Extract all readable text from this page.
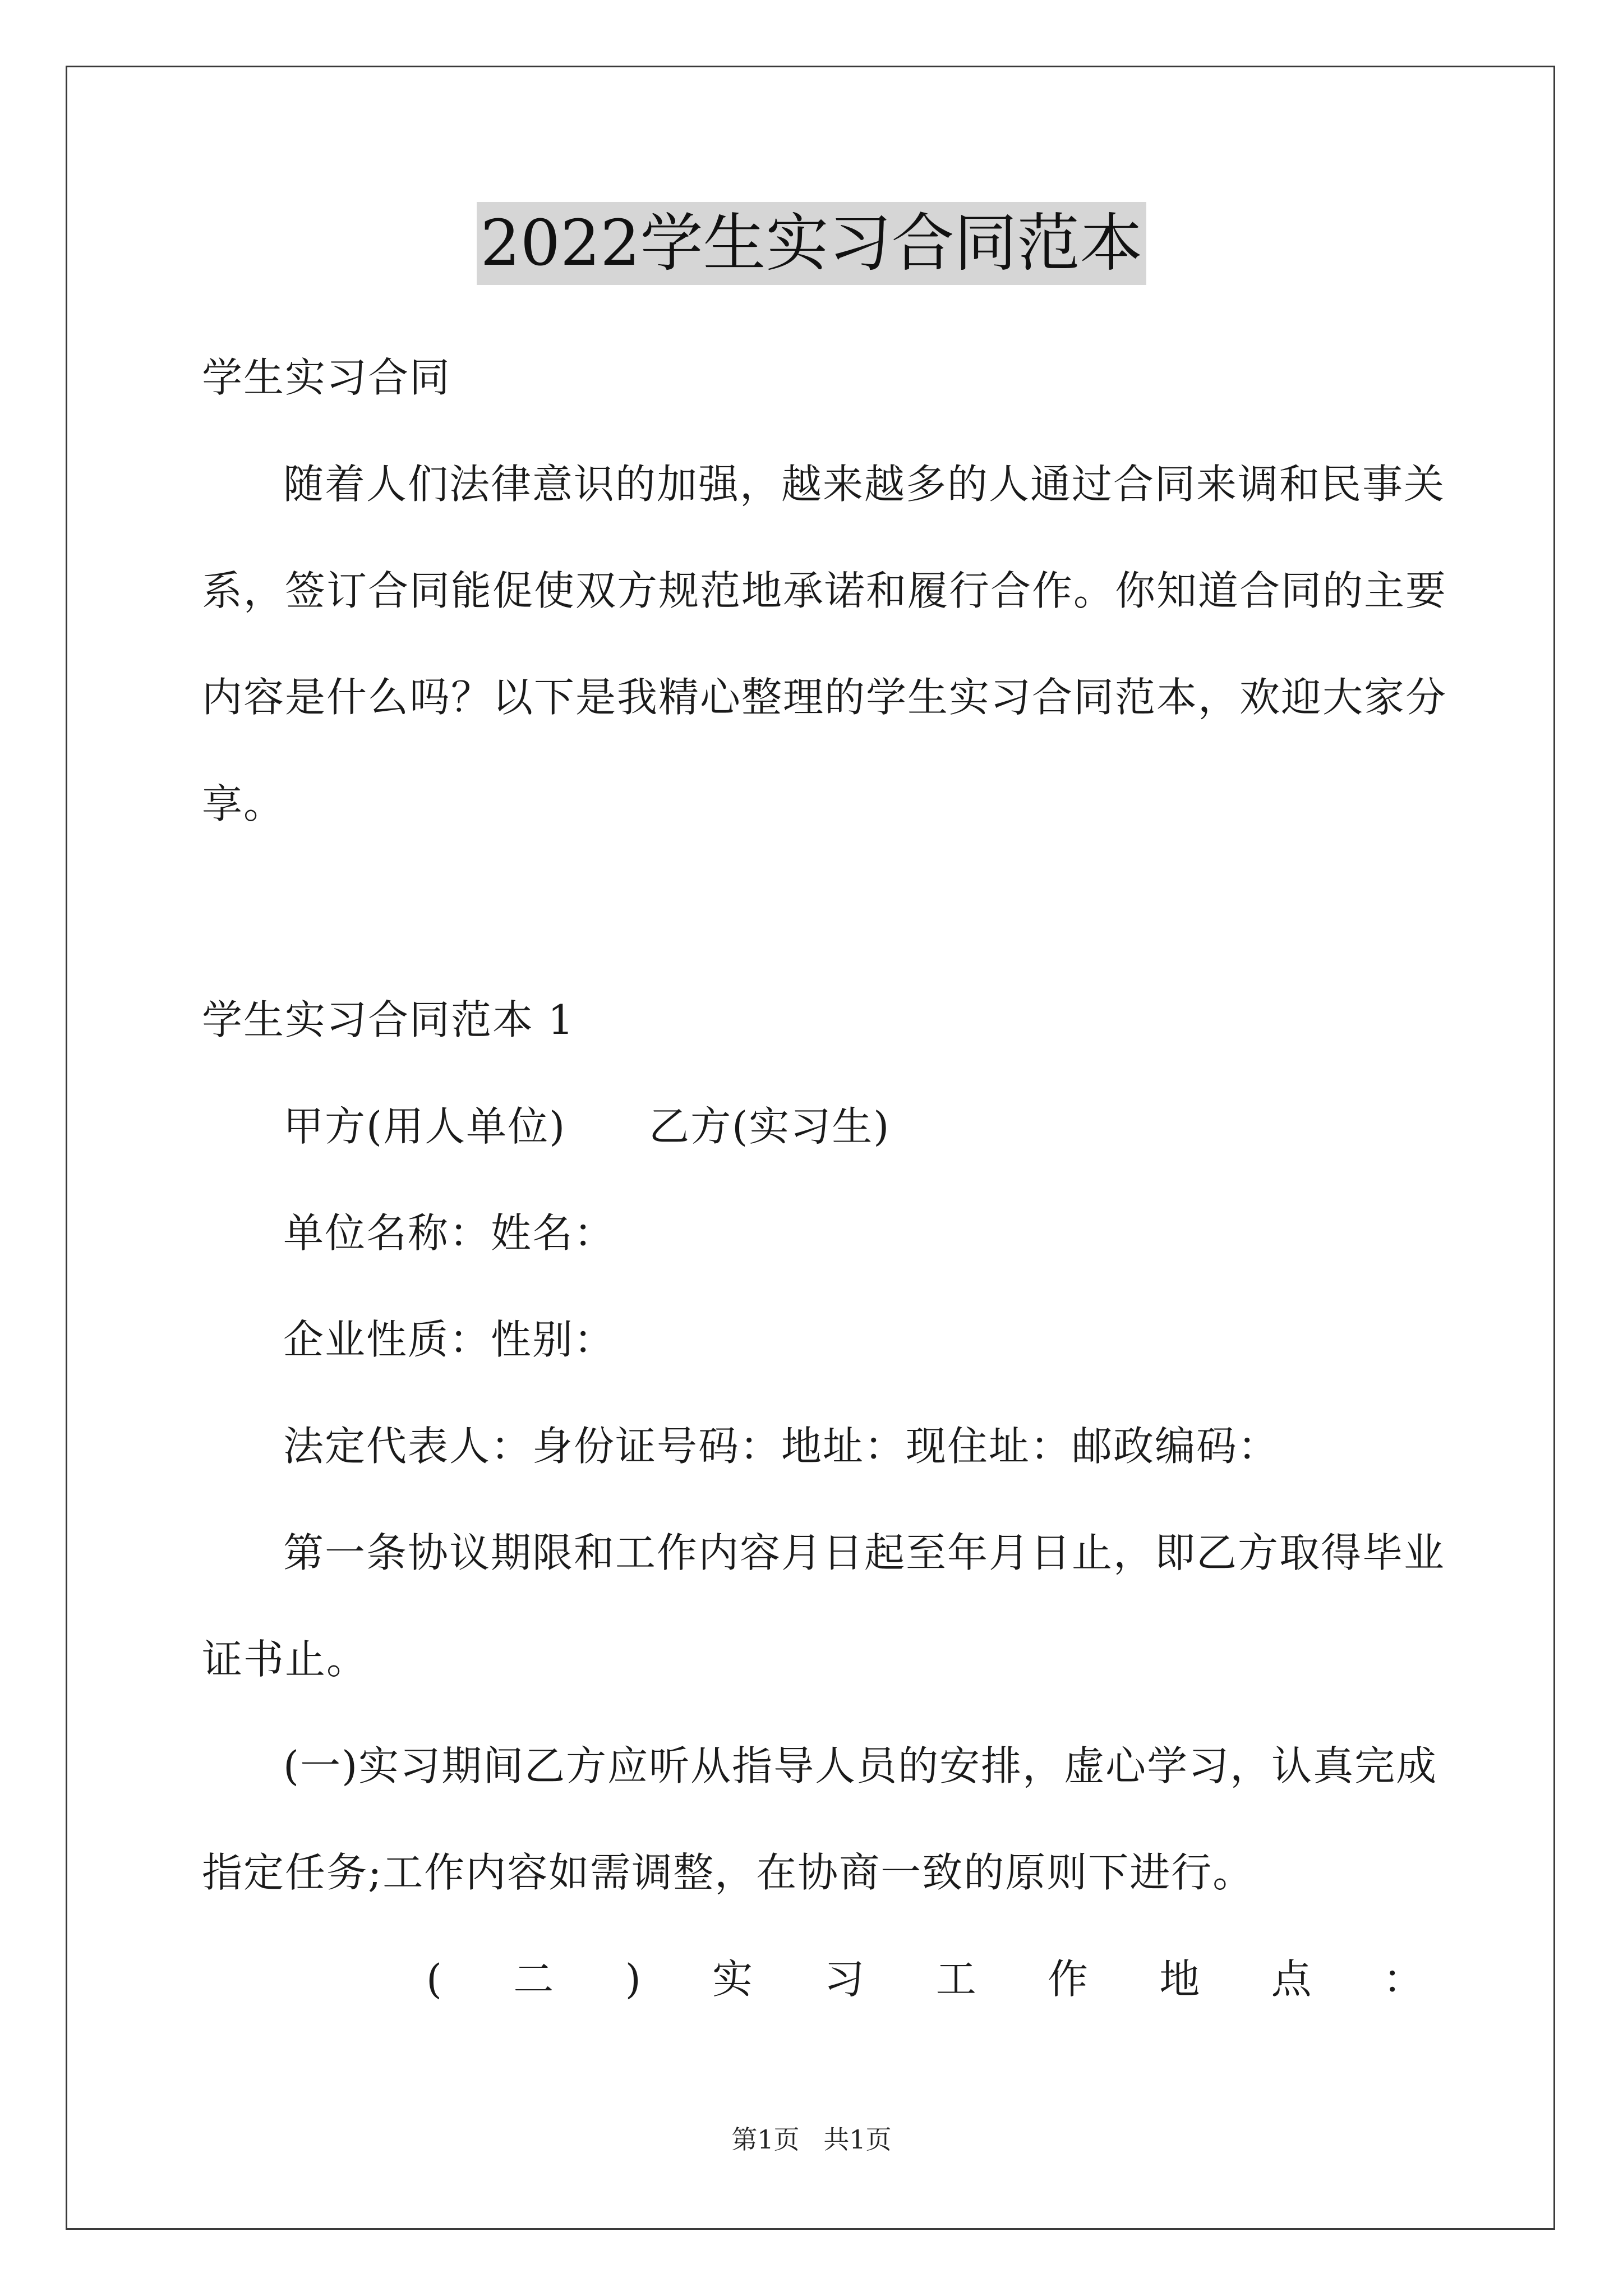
2022学生实习合同范本
学生实习合同
随着人们法律意识的加强，越来越多的人通过合同来调和民事关
系，签订合同能促使双方规范地承诺和履行合作。你知道合同的主要
内容是什么吗？以下是我精心整理的学生实习合同范本，欢迎大家分
享。
学生实习合同范本 1
甲方(用人单位)　　乙方(实习生)
单位名称：姓名：
企业性质：性别：
法定代表人：身份证号码：地址：现住址：邮政编码：
第一条协议期限和工作内容月日起至年月日止，即乙方取得毕业
证书止。
(一)实习期间乙方应听从指导人员的安排，虚心学习，认真完成
指定任务;工作内容如需调整，在协商一致的原则下进行。
( 二 ) 实 习 工 作 地 点 ：
第1页 共1页
